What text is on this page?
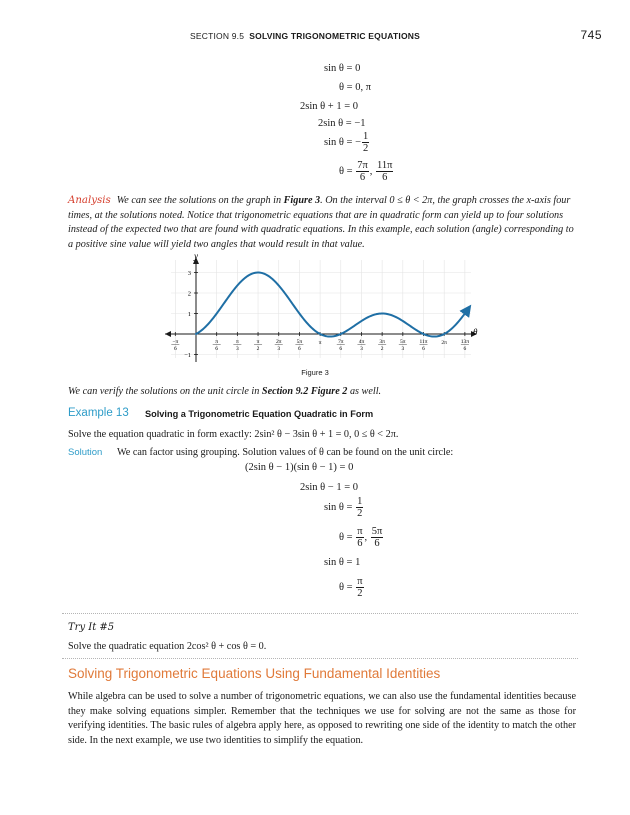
SECTION 9.5 SOLVING TRIGONOMETRIC EQUATIONS	745
sin θ = 0
θ = 0, π
2sin θ + 1 = 0
2sin θ = −1
sin θ = − $\frac{1}{2}$
$\theta = \frac{7\pi}{6}$ , $\frac{11\pi}{6}$
Analysis We can see the solutions on the graph in Figure 3. On the interval 0 ≤ θ < 2π, the graph crosses the x-axis four times, at the solutions noted. Notice that trigonometric equations that are in quadratic form can yield up to four solutions instead of the expected two that are found with quadratic equations. In this example, each solution (angle) corresponding to a positive sine value will yield two angles that would result in that value.
3
2
1
−1
−π
6
π
6
π
3
π
2
2π
3
5π
6
π	7π
6
4π
3
3π
2
5π
3
11π
6
2π	13π
6
y
θ
Figure 3
We can verify the solutions on the unit circle in Section 9.2 Figure 2 as well.
Example 13 Solving a Trigonometric Equation Quadratic in Form
Solve the equation quadratic in form exactly: 2sin² θ − 3sin θ + 1 = 0, 0 ≤ θ < 2π.
Solution We can factor using grouping. Solution values of θ can be found on the unit circle:
(2sin θ − 1)(sin θ − 1) = 0
2sin θ − 1 = 0
$\sin \theta = \frac{1}{2}$
$\theta = \frac{\pi}{6}$ , $\frac{5\pi}{6}$
sin θ = 1
$\theta = \frac{\pi}{2}$
Try It #5
Solve the quadratic equation 2cos² θ + cos θ = 0.
Solving Trigonometric Equations Using Fundamental Identities
While algebra can be used to solve a number of trigonometric equations, we can also use the fundamental identities because they make solving equations simpler. Remember that the techniques we use for solving are not the same as those for verifying identities. The basic rules of algebra apply here, as opposed to rewriting one side of the identity to match the other side. In the next example, we use two identities to simplify the equation.
